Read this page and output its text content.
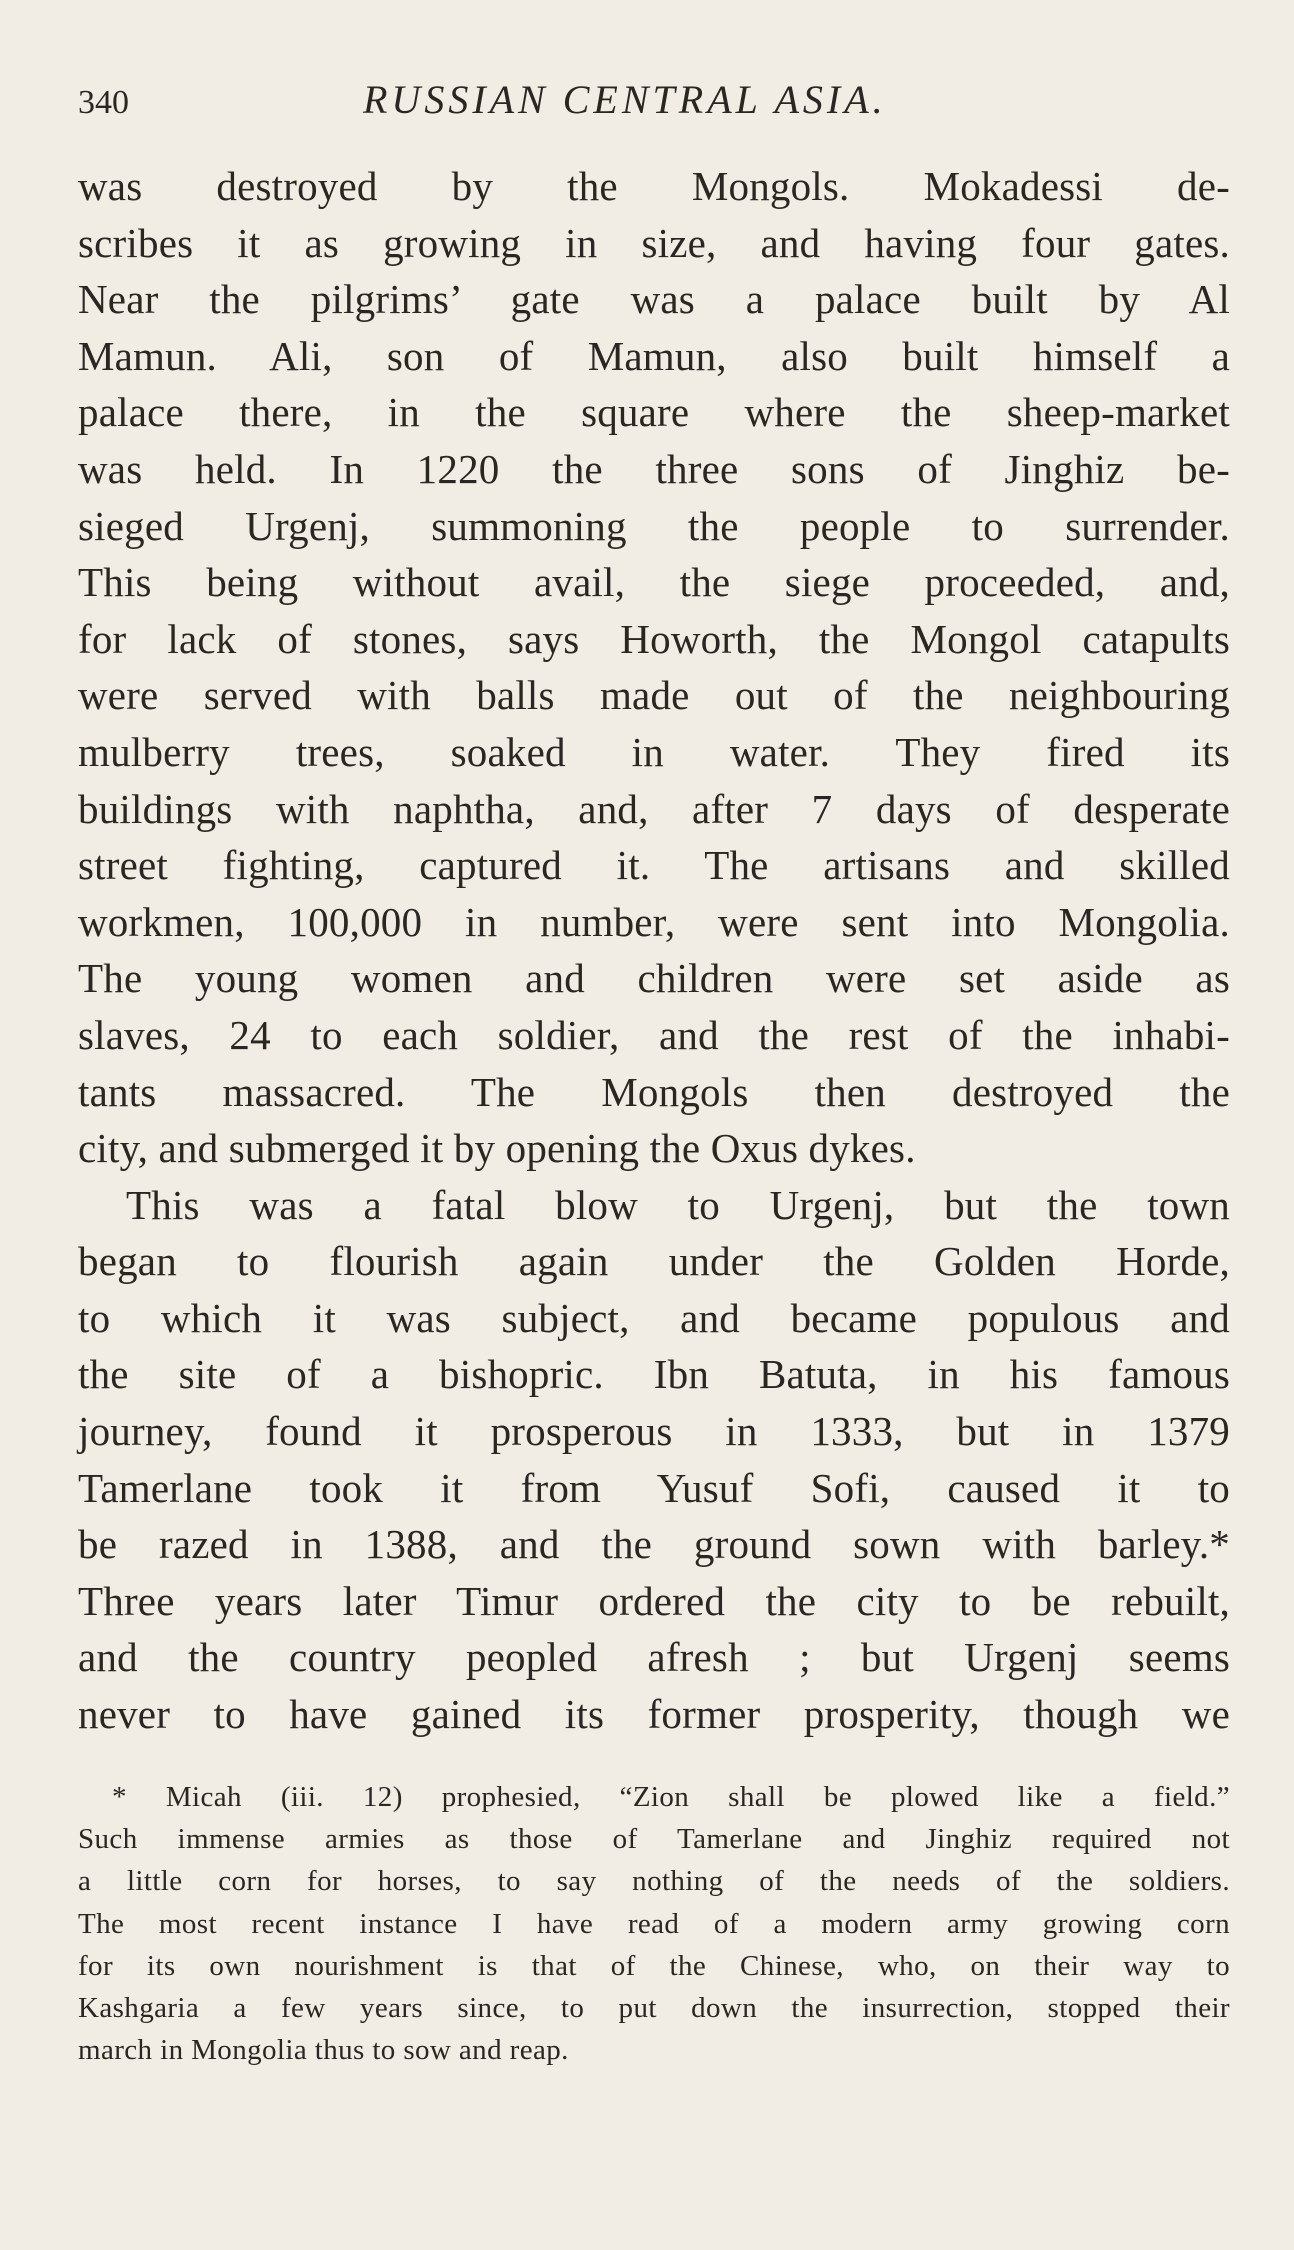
340	RUSSIAN CENTRAL ASIA.
was destroyed by the Mongols. Mokadessi de-
scribes it as growing in size, and having four gates.
Near the pilgrims’ gate was a palace built by Al
Mamun. Ali, son of Mamun, also built himself a
palace there, in the square where the sheep-market
was held. In 1220 the three sons of Jinghiz be-
sieged Urgenj, summoning the people to surrender.
This being without avail, the siege proceeded, and,
for lack of stones, says Howorth, the Mongol catapults
were served with balls made out of the neighbouring
mulberry trees, soaked in water. They fired its
buildings with naphtha, and, after 7 days of desperate
street fighting, captured it. The artisans and skilled
workmen, 100,000 in number, were sent into Mongolia.
The young women and children were set aside as
slaves, 24 to each soldier, and the rest of the inhabi-
tants massacred. The Mongols then destroyed the
city, and submerged it by opening the Oxus dykes.
This was a fatal blow to Urgenj, but the town
began to flourish again under the Golden Horde,
to which it was subject, and became populous and
the site of a bishopric. Ibn Batuta, in his famous
journey, found it prosperous in 1333, but in 1379
Tamerlane took it from Yusuf Sofi, caused it to
be razed in 1388, and the ground sown with barley.*
Three years later Timur ordered the city to be rebuilt,
and the country peopled afresh ; but Urgenj seems
never to have gained its former prosperity, though we
* Micah (iii. 12) prophesied, “Zion shall be plowed like a field.”
Such immense armies as those of Tamerlane and Jinghiz required not
a little corn for horses, to say nothing of the needs of the soldiers.
The most recent instance I have read of a modern army growing corn
for its own nourishment is that of the Chinese, who, on their way to
Kashgaria a few years since, to put down the insurrection, stopped their
march in Mongolia thus to sow and reap.
